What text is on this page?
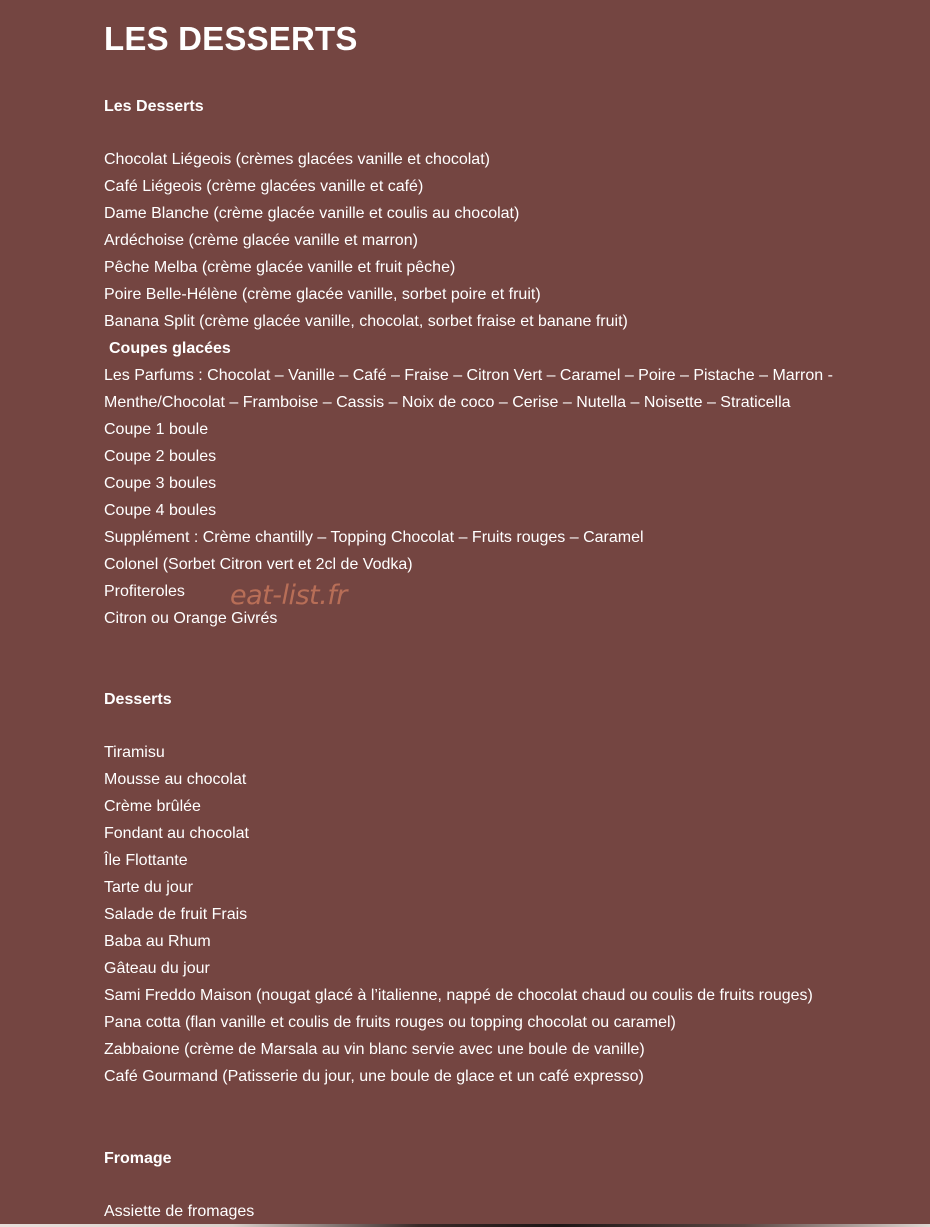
LES DESSERTS
Les Desserts
Chocolat Liégeois (crèmes glacées vanille et chocolat)
Café Liégeois (crème glacées vanille et café)
Dame Blanche (crème glacée vanille et coulis au chocolat)
Ardéchoise (crème glacée vanille et marron)
Pêche Melba (crème glacée vanille et fruit pêche)
Poire Belle-Hélène (crème glacée vanille, sorbet poire et fruit)
Banana Split (crème glacée vanille, chocolat, sorbet fraise et banane fruit)
Coupes glacées
Les Parfums : Chocolat – Vanille – Café – Fraise – Citron Vert – Caramel – Poire – Pistache – Marron -
Menthe/Chocolat – Framboise – Cassis – Noix de coco – Cerise – Nutella – Noisette – Straticella
Coupe 1 boule
Coupe 2 boules
Coupe 3 boules
Coupe 4 boules
Supplément : Crème chantilly – Topping Chocolat – Fruits rouges – Caramel
Colonel (Sorbet Citron vert et 2cl de Vodka)
Profiteroles
Citron ou Orange Givrés
eat-list.fr
Desserts
Tiramisu
Mousse au chocolat
Crème brûlée
Fondant au chocolat
Île Flottante
Tarte du jour
Salade de fruit Frais
Baba au Rhum
Gâteau du jour
Sami Freddo Maison (nougat glacé à l’italienne, nappé de chocolat chaud ou coulis de fruits rouges)
Pana cotta (flan vanille et coulis de fruits rouges ou topping chocolat ou caramel)
Zabbaione (crème de Marsala au vin blanc servie avec une boule de vanille)
Café Gourmand (Patisserie du jour, une boule de glace et un café expresso)
Fromage
Assiette de fromages
